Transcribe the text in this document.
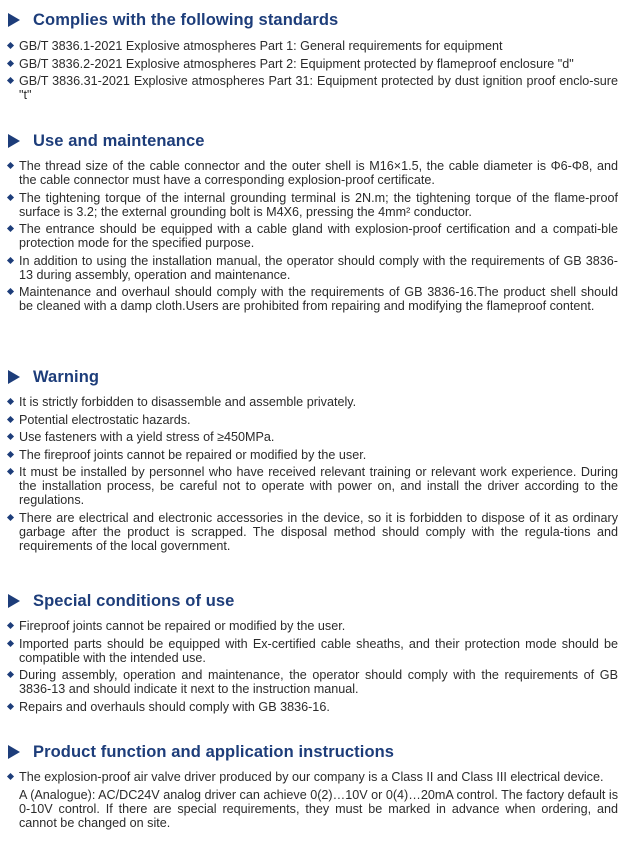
Complies with the following standards
GB/T 3836.1-2021 Explosive atmospheres Part 1: General requirements for equipment
GB/T 3836.2-2021 Explosive atmospheres Part 2: Equipment protected by flameproof enclosure "d"
GB/T 3836.31-2021 Explosive atmospheres Part 31: Equipment protected by dust ignition proof enclo-sure "t"
Use and maintenance
The thread size of the cable connector and the outer shell is M16×1.5, the cable diameter is Φ6-Φ8, and the cable connector must have a corresponding explosion-proof certificate.
The tightening torque of the internal grounding terminal is 2N.m; the tightening torque of the flame-proof surface is 3.2; the external grounding bolt is M4X6, pressing the 4mm² conductor.
The entrance should be equipped with a cable gland with explosion-proof certification and a compati-ble protection mode for the specified purpose.
In addition to using the installation manual, the operator should comply with the requirements of GB 3836-13 during assembly, operation and maintenance.
Maintenance and overhaul should comply with the requirements of GB 3836-16.The product shell should be cleaned with a damp cloth.Users are prohibited from repairing and modifying the flameproof content.
Warning
It is strictly forbidden to disassemble and assemble privately.
Potential electrostatic hazards.
Use fasteners with a yield stress of ≥450MPa.
The fireproof joints cannot be repaired or modified by the user.
It must be installed by personnel who have received relevant training or relevant work experience. During the installation process, be careful not to operate with power on, and install the driver according to the regulations.
There are electrical and electronic accessories in the device, so it is forbidden to dispose of it as ordinary garbage after the product is scrapped. The disposal method should comply with the regula-tions and requirements of the local government.
Special conditions of use
Fireproof joints cannot be repaired or modified by the user.
Imported parts should be equipped with Ex-certified cable sheaths, and their protection mode should be compatible with the intended use.
During assembly, operation and maintenance, the operator should comply with the requirements of GB 3836-13 and should indicate it next to the instruction manual.
Repairs and overhauls should comply with GB 3836-16.
Product function and application instructions
The explosion-proof air valve driver produced by our company is a Class II and Class III electrical device.
A (Analogue): AC/DC24V analog driver can achieve 0(2)…10V or 0(4)…20mA control. The factory default is 0-10V control. If there are special requirements, they must be marked in advance when ordering, and cannot be changed on site.
